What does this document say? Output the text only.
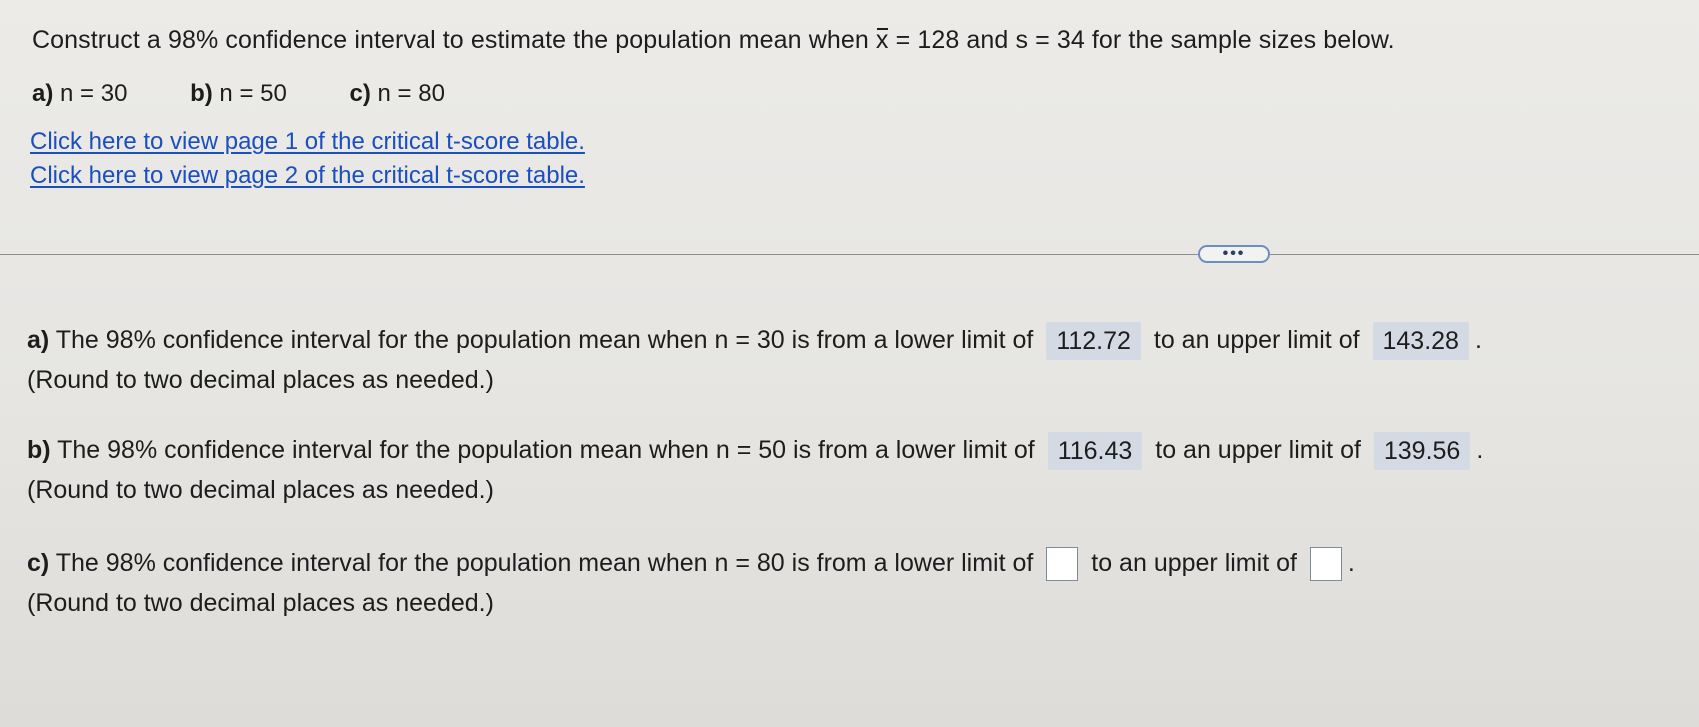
Construct a 98% confidence interval to estimate the population mean when x = 128 and s = 34 for the sample sizes below.
a) n = 30	b) n = 50	c) n = 80
Click here to view page 1 of the critical t-score table.
Click here to view page 2 of the critical t-score table.
•••
a) The 98% confidence interval for the population mean when n = 30 is from a lower limit of 112.72 to an upper limit of 143.28 .
(Round to two decimal places as needed.)
b) The 98% confidence interval for the population mean when n = 50 is from a lower limit of 116.43 to an upper limit of 139.56 .
(Round to two decimal places as needed.)
c) The 98% confidence interval for the population mean when n = 80 is from a lower limit of to an upper limit of .
(Round to two decimal places as needed.)
